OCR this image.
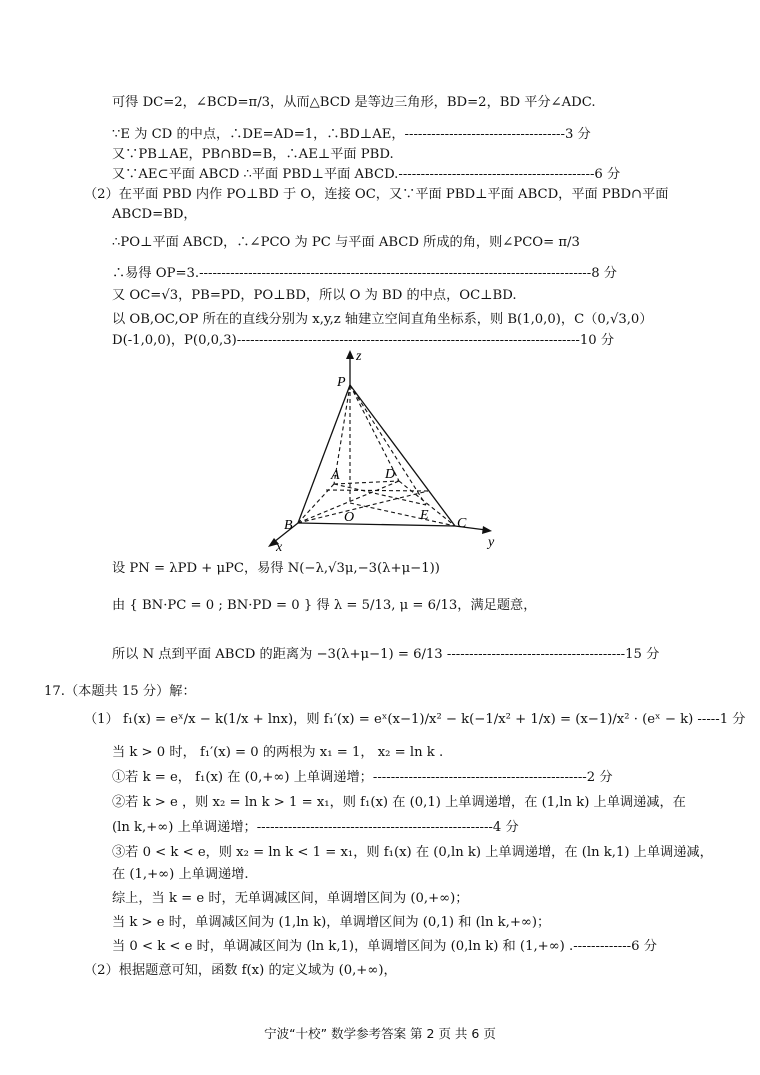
可得 DC=2，∠BCD=π/3，从而△BCD 是等边三角形，BD=2，BD 平分∠ADC.
∵E 为 CD 的中点，∴DE=AD=1，∴BD⊥AE，------------------------------------3 分
又∵PB⊥AE，PB∩BD=B，∴AE⊥平面 PBD.
又∵AE⊂平面 ABCD ∴平面 PBD⊥平面 ABCD.--------------------------------------------6 分
（2）在平面 PBD 内作 PO⊥BD 于 O，连接 OC，又∵平面 PBD⊥平面 ABCD，平面 PBD∩平面
ABCD=BD，
∴PO⊥平面 ABCD，∴∠PCO 为 PC 与平面 ABCD 所成的角，则∠PCO= π/3
∴易得 OP=3.----------------------------------------------------------------------------------------8 分
又 OC=√3，PB=PD，PO⊥BD，所以 O 为 BD 的中点，OC⊥BD.
以 OB,OC,OP 所在的直线分别为 x,y,z 轴建立空间直角坐标系，则 B(1,0,0)，C（0,√3,0）
D(-1,0,0)，P(0,0,3)-----------------------------------------------------------------------------10 分
z
P
A	D
O	E
B	C
x	y
设 PN = λPD + μPC，易得 N(−λ,√3μ,−3(λ+μ−1))
由 { BN·PC = 0 ; BN·PD = 0 } 得 λ = 5/13, μ = 6/13，满足题意，
所以 N 点到平面 ABCD 的距离为 −3(λ+μ−1) = 6/13 ----------------------------------------15 分
17.（本题共 15 分）解：
（1） f₁(x) = eˣ/x − k(1/x + lnx)，则 f₁′(x) = eˣ(x−1)/x² − k(−1/x² + 1/x) = (x−1)/x² · (eˣ − k) -----1 分
当 k > 0 时， f₁′(x) = 0 的两根为 x₁ = 1， x₂ = ln k .
①若 k = e， f₁(x) 在 (0,+∞) 上单调递增；------------------------------------------------2 分
②若 k > e ，则 x₂ = ln k > 1 = x₁，则 f₁(x) 在 (0,1) 上单调递增，在 (1,ln k) 上单调递减，在
(ln k,+∞) 上单调递增；-----------------------------------------------------4 分
③若 0 < k < e，则 x₂ = ln k < 1 = x₁，则 f₁(x) 在 (0,ln k) 上单调递增，在 (ln k,1) 上单调递减，
在 (1,+∞) 上单调递增.
综上，当 k = e 时，无单调减区间，单调增区间为 (0,+∞)；
当 k > e 时，单调减区间为 (1,ln k)，单调增区间为 (0,1) 和 (ln k,+∞)；
当 0 < k < e 时，单调减区间为 (ln k,1)，单调增区间为 (0,ln k) 和 (1,+∞) .-------------6 分
（2）根据题意可知，函数 f(x) 的定义域为 (0,+∞)，
宁波“十校” 数学参考答案 第 2 页 共 6 页
